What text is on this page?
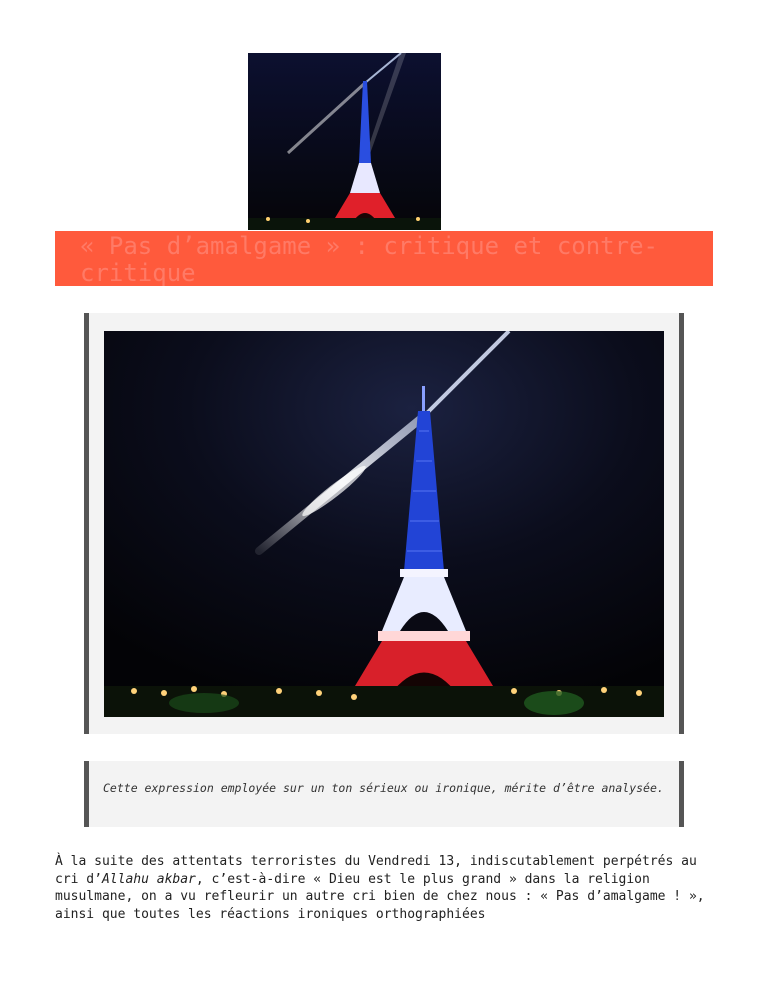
« Pas d’amalgame » : critique et contre-critique

Cette expression employée sur un ton sérieux ou ironique, mérite d’être analysée.

À la suite des attentats terroristes du Vendredi 13, indiscutablement perpétrés au cri d’Allahu akbar, c’est-à-dire « Dieu est le plus grand » dans la religion musulmane, on a vu refleurir un autre cri bien de chez nous : « Pas d’amalgame ! », ainsi que toutes les réactions ironiques orthographiées
